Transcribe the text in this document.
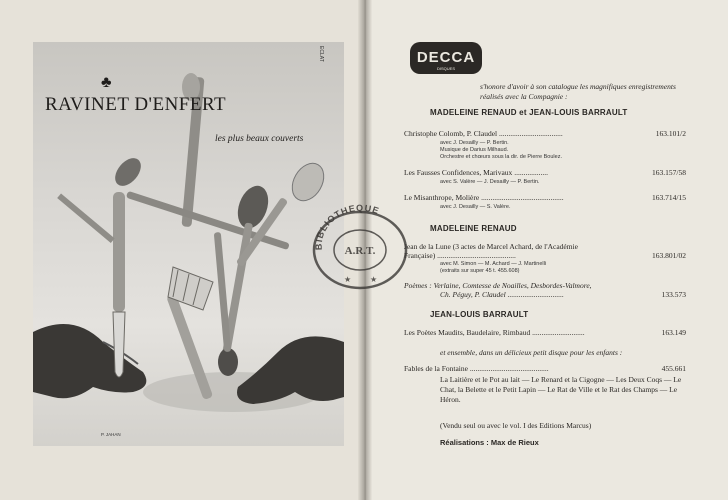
♣
RAVINET D'ENFERT
les plus beaux couverts
ECLAT
P. JAHAN
DECCA
DISQUES
s'honore d'avoir à son catalogue les magnifiques enregistrements réalisés avec la Compagnie :
MADELEINE RENAUD et JEAN-LOUIS BARRAULT
Christophe Colomb, P. Claudel ..................................	163.101/2
avec J. Desailly — P. Bertin.
Musique de Darius Milhaud.
Orchestre et chœurs sous la dir. de Pierre Boulez.
Les Fausses Confidences, Marivaux ..................	163.157/58
avec S. Valère — J. Desailly — P. Bertin.
Le Misanthrope, Molière ............................................	163.714/15
avec J. Desailly — S. Valère.
MADELEINE RENAUD
Jean de la Lune (3 actes de Marcel Achard, de l'Académie
Française) ..........................................	163.801/02
avec M. Simon — M. Achard — J. Martinelli
(extraits sur super 45 t. 455.608)
Poèmes : Verlaine, Comtesse de Noailles, Desbordes-Valmore,
Ch. Péguy, P. Claudel ..............................	133.573
JEAN-LOUIS BARRAULT
Les Poètes Maudits, Baudelaire, Rimbaud ............................	163.149
et ensemble, dans un délicieux petit disque pour les enfants :
Fables de la Fontaine ..........................................	455.661
La Laitière et le Pot au lait — Le Renard et la Cigogne — Les Deux Coqs — Le Chat, la Belette et le Petit Lapin — Le Rat de Ville et le Rat des Champs — Le Héron.
(Vendu seul ou avec le vol. I des Editions Marcus)
Réalisations : Max de Rieux
BIBLIOTHEQUE
A.R.T.
★ ★
